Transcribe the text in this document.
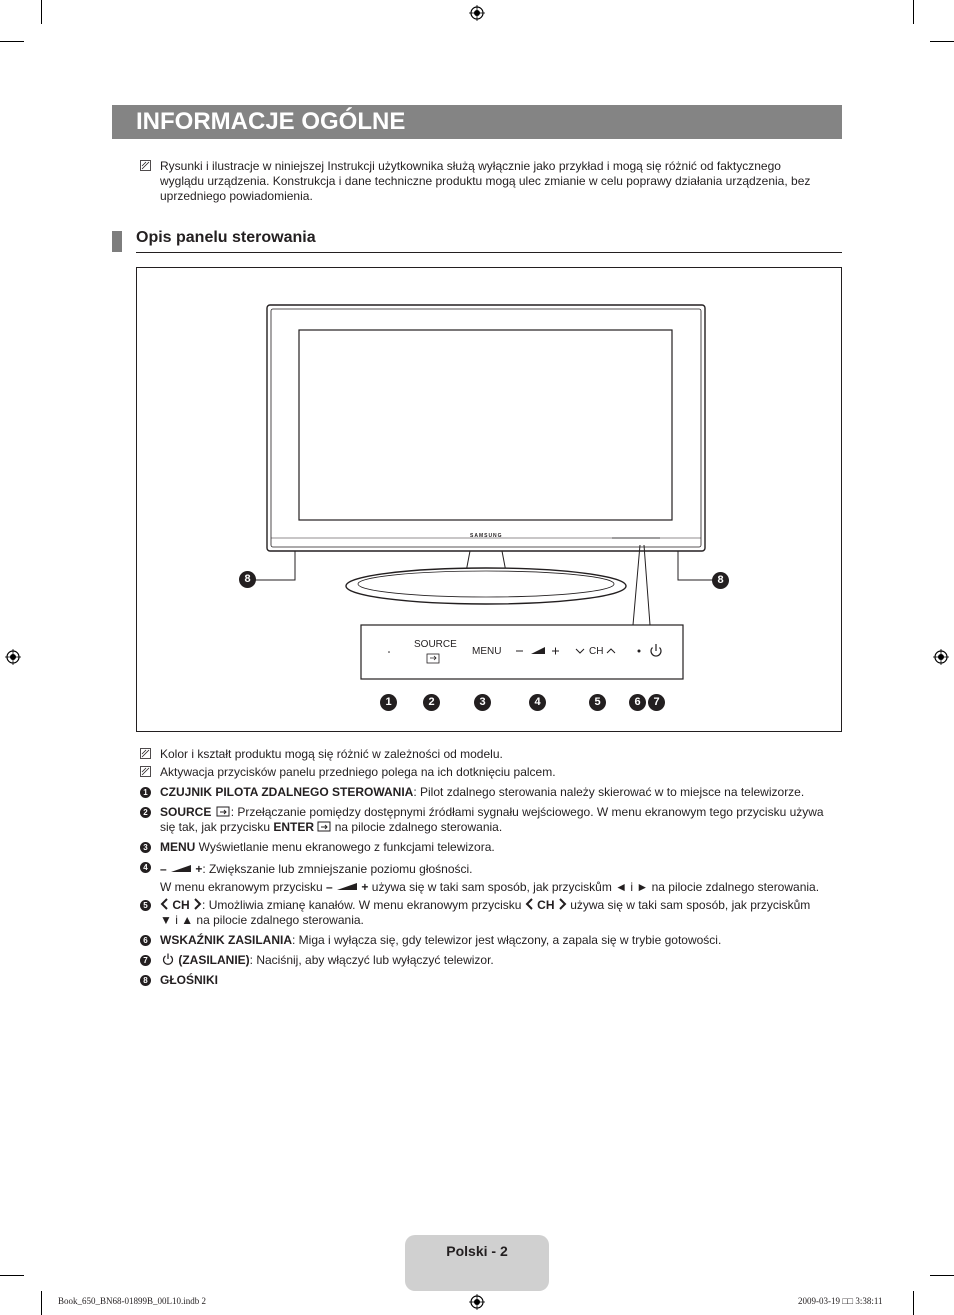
INFORMACJE OGÓLNE
Rysunki i ilustracje w niniejszej Instrukcji użytkownika służą wyłącznie jako przykład i mogą się różnić od faktycznego
wyglądu urządzenia. Konstrukcja i dane techniczne produktu mogą ulec zmianie w celu poprawy działania urządzenia, bez
uprzedniego powiadomienia.
Opis panelu sterowania
SAMSUNG
SOURCE
MENU	CH
1	2	3	4	5	6	7
8	8
Kolor i kształt produktu mogą się różnić w zależności od modelu.
Aktywacja przycisków panelu przedniego polega na ich dotknięciu palcem.
1 CZUJNIK PILOTA ZDALNEGO STEROWANIA: Pilot zdalnego sterowania należy skierować w to miejsce na telewizorze.
2 SOURCE : Przełączanie pomiędzy dostępnymi źródłami sygnału wejściowego. W menu ekranowym tego przycisku używa
się tak, jak przycisku ENTER  na pilocie zdalnego sterowania.
3 MENU Wyświetlanie menu ekranowego z funkcjami telewizora.
4 – +: Zwiększanie lub zmniejszanie poziomu głośności.
W menu ekranowym przycisku – + używa się w taki sam sposób, jak przyciskům ◄ i ► na pilocie zdalnego sterowania.
5	CH : Umożliwia zmianę kanałów. W menu ekranowym przycisku CH używa się w taki sam sposób, jak przyciskům
▼ i ▲ na pilocie zdalnego sterowania.
6 WSKAŹNIK ZASILANIA: Miga i wyłącza się, gdy telewizor jest włączony, a zapala się w trybie gotowości.
7	(ZASILANIE): Naciśnij, aby włączyć lub wyłączyć telewizor.
8 GŁOŚNIKI
Polski - 2
Book_650_BN68-01899B_00L10.indb 2	2009-03-19 □□ 3:38:11
